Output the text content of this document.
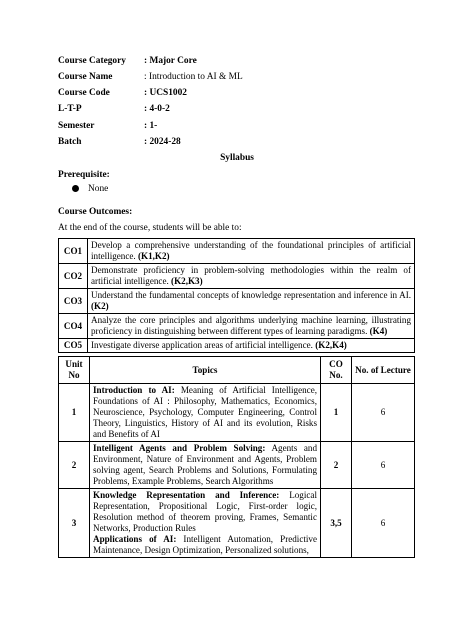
Course Category : Major Core
Course Name	: Introduction to AI & ML
Course Code	: UCS1002
L-T-P	: 4-0-2
Semester	: 1-
Batch	: 2024-28
Syllabus
Prerequisite:
None
Course Outcomes:
At the end of the course, students will be able to:
CO1	Develop a comprehensive understanding of the foundational principles of artificial intelligence. (K1,K2)
CO2	Demonstrate proficiency in problem-solving methodologies within the realm of artificial intelligence. (K2,K3)
CO3	Understand the fundamental concepts of knowledge representation and inference in AI. (K2)
CO4	Analyze the core principles and algorithms underlying machine learning, illustrating proficiency in distinguishing between different types of learning paradigms. (K4)
CO5	Investigate diverse application areas of artificial intelligence. (K2,K4)
Unit No	Topics	CO No.	No. of Lecture
1	Introduction to AI: Meaning of Artificial Intelligence, Foundations of AI : Philosophy, Mathematics, Economics, Neuroscience, Psychology, Computer Engineering, Control Theory, Linguistics, History of AI and its evolution, Risks and Benefits of AI	1	6
2	Intelligent Agents and Problem Solving: Agents and Environment, Nature of Environment and Agents, Problem solving agent, Search Problems and Solutions, Formulating Problems, Example Problems, Search Algorithms	2	6
3	Knowledge Representation and Inference: Logical Representation, Propositional Logic, First-order logic, Resolution method of theorem proving, Frames, Semantic Networks, Production Rules
Applications of AI: Intelligent Automation, Predictive Maintenance, Design Optimization, Personalized solutions,	3,5	6
